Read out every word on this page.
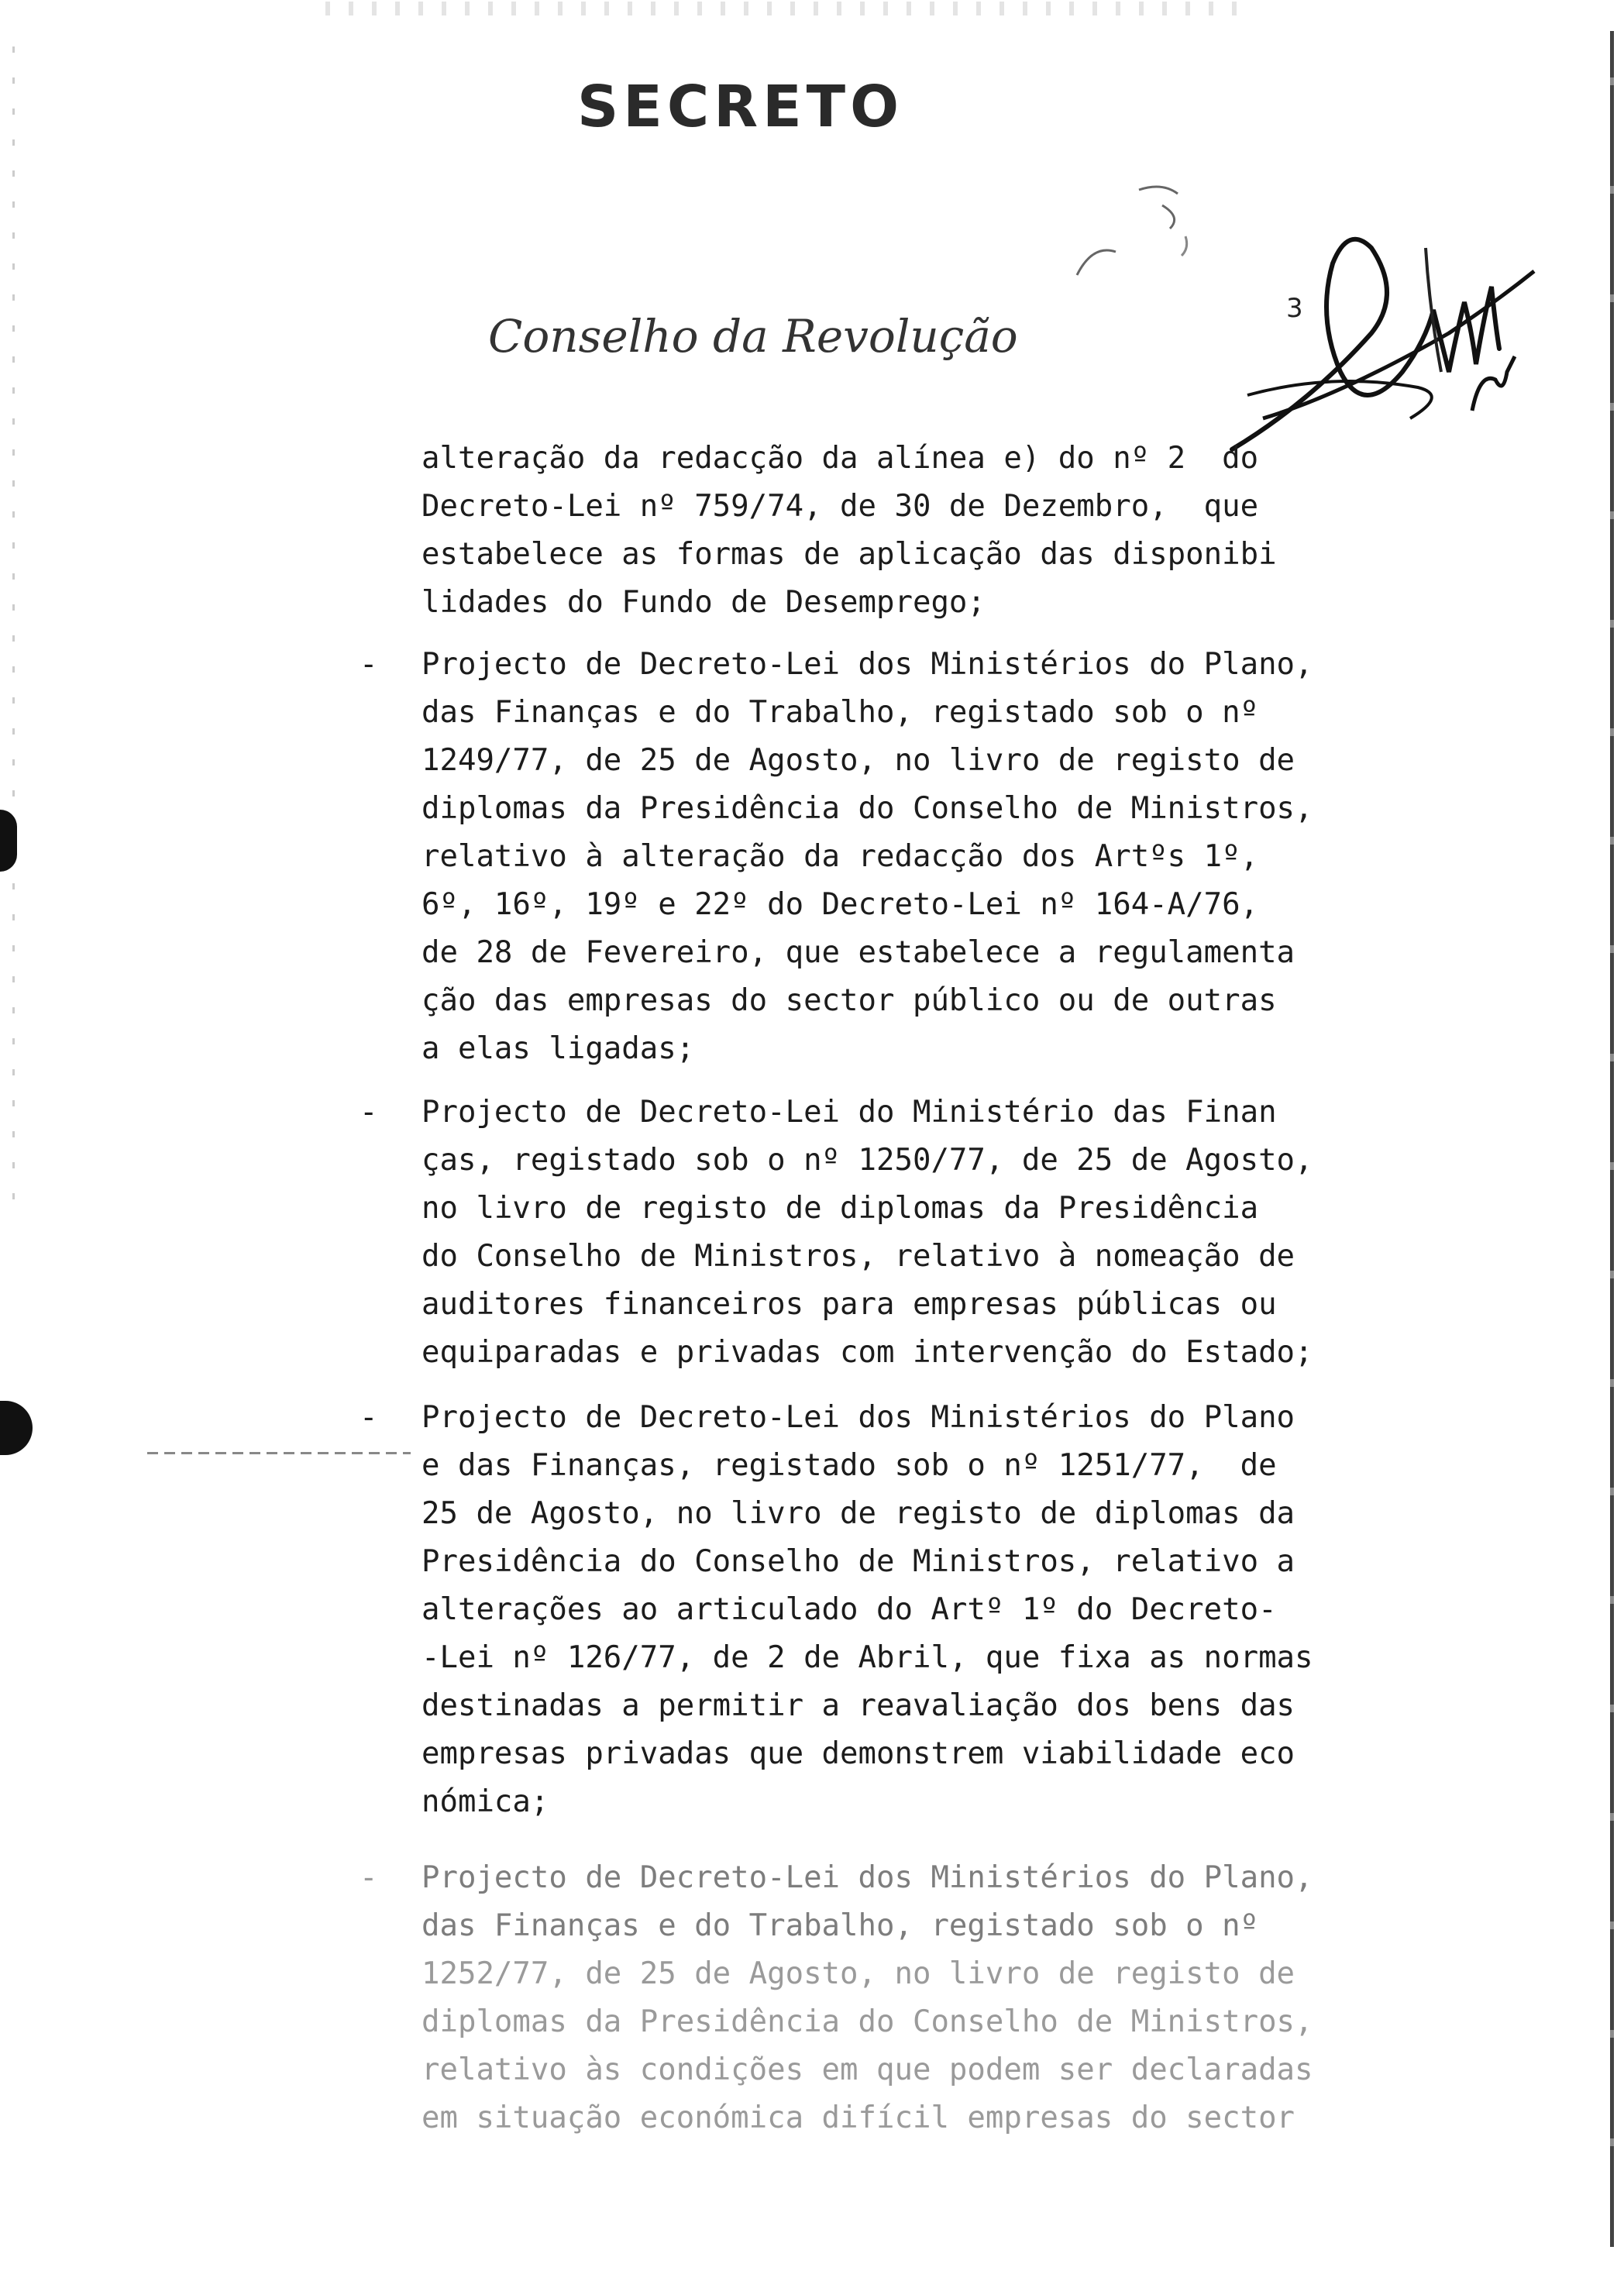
SECRETO
Conselho da Revolução
3

alteração da redacção da alínea e) do nº 2  do

Decreto-Lei nº 759/74, de 30 de Dezembro,  que

estabelece as formas de aplicação das disponibi

lidades do Fundo de Desemprego;

- Projecto de Decreto-Lei dos Ministérios do Plano,

das Finanças e do Trabalho, registado sob o nº

1249/77, de 25 de Agosto, no livro de registo de

diplomas da Presidência do Conselho de Ministros,

relativo à alteração da redacção dos Artºs 1º,

6º, 16º, 19º e 22º do Decreto-Lei nº 164-A/76,

de 28 de Fevereiro, que estabelece a regulamenta

ção das empresas do sector público ou de outras

a elas ligadas;

- Projecto de Decreto-Lei do Ministério das Finan

ças, registado sob o nº 1250/77, de 25 de Agosto,

no livro de registo de diplomas da Presidência

do Conselho de Ministros, relativo à nomeação de

auditores financeiros para empresas públicas ou

equiparadas e privadas com intervenção do Estado;

- Projecto de Decreto-Lei dos Ministérios do Plano

e das Finanças, registado sob o nº 1251/77,  de

25 de Agosto, no livro de registo de diplomas da

Presidência do Conselho de Ministros, relativo a

alterações ao articulado do Artº 1º do Decreto-

-Lei nº 126/77, de 2 de Abril, que fixa as normas

destinadas a permitir a reavaliação dos bens das

empresas privadas que demonstrem viabilidade eco

nómica;

- Projecto de Decreto-Lei dos Ministérios do Plano,

das Finanças e do Trabalho, registado sob o nº

1252/77, de 25 de Agosto, no livro de registo de

diplomas da Presidência do Conselho de Ministros,

relativo às condições em que podem ser declaradas

em situação económica difícil empresas do sector
